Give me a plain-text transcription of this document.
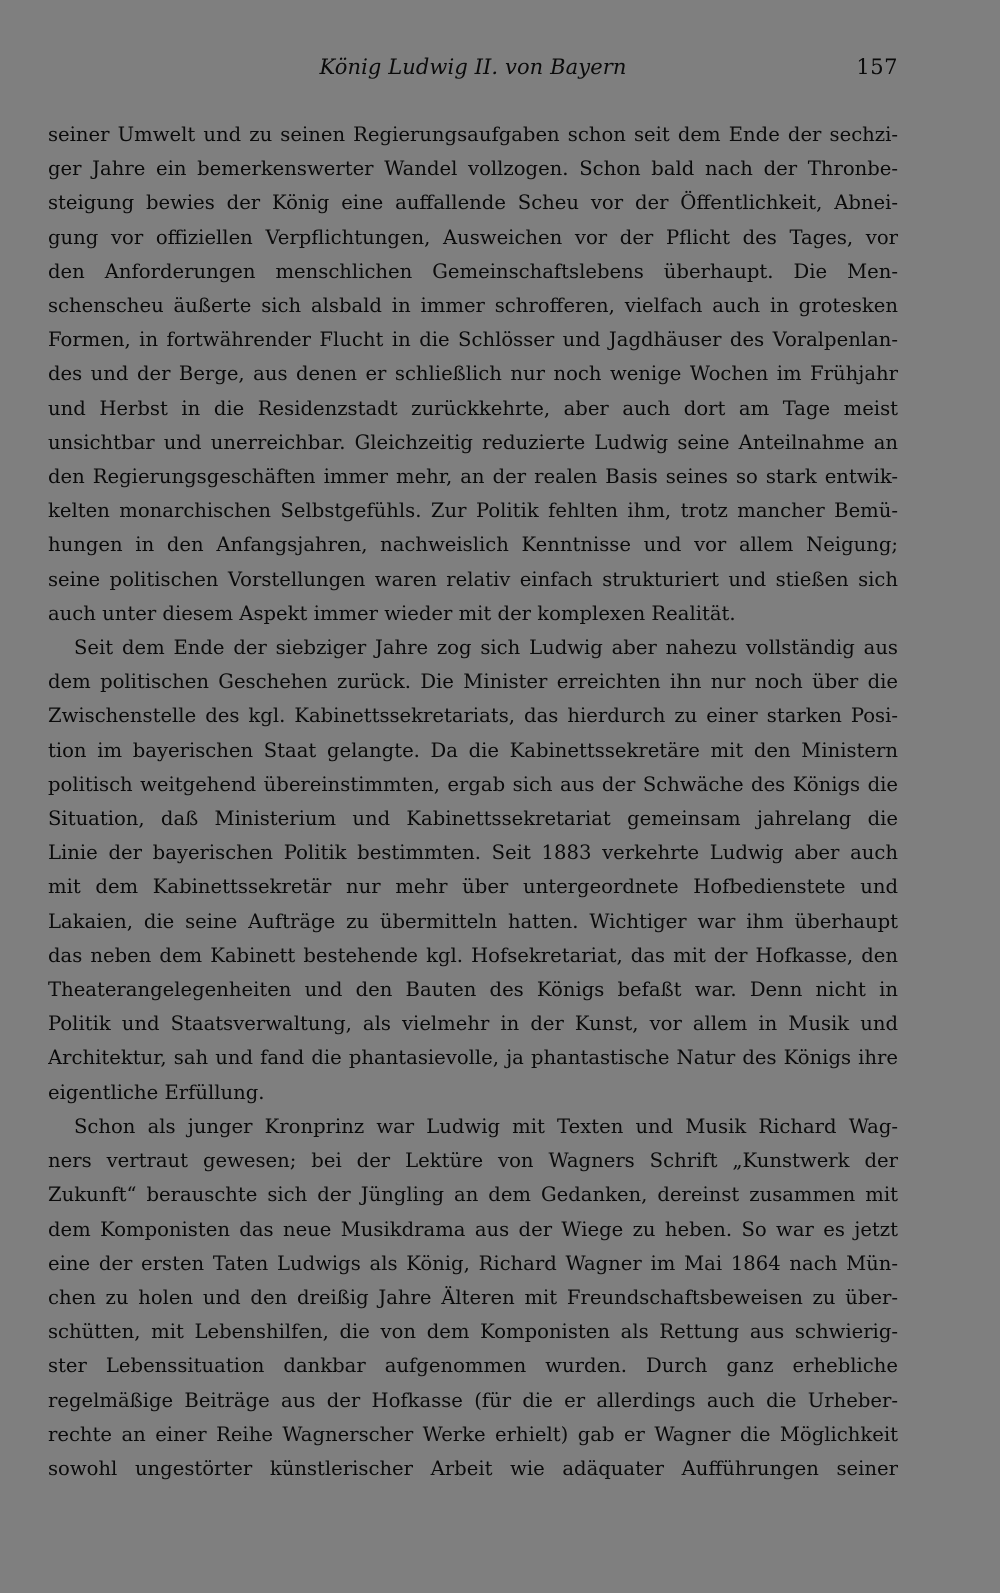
König Ludwig II. von Bayern	157
seiner Umwelt und zu seinen Regierungsaufgaben schon seit dem Ende der sechzi-
ger Jahre ein bemerkenswerter Wandel vollzogen. Schon bald nach der Thronbe-
steigung bewies der König eine auffallende Scheu vor der Öffentlichkeit, Abnei-
gung vor offiziellen Verpflichtungen, Ausweichen vor der Pflicht des Tages, vor
den Anforderungen menschlichen Gemeinschaftslebens überhaupt. Die Men-
schenscheu äußerte sich alsbald in immer schrofferen, vielfach auch in grotesken
Formen, in fortwährender Flucht in die Schlösser und Jagdhäuser des Voralpenlan-
des und der Berge, aus denen er schließlich nur noch wenige Wochen im Frühjahr
und Herbst in die Residenzstadt zurückkehrte, aber auch dort am Tage meist
unsichtbar und unerreichbar. Gleichzeitig reduzierte Ludwig seine Anteilnahme an
den Regierungsgeschäften immer mehr, an der realen Basis seines so stark entwik-
kelten monarchischen Selbstgefühls. Zur Politik fehlten ihm, trotz mancher Bemü-
hungen in den Anfangsjahren, nachweislich Kenntnisse und vor allem Neigung;
seine politischen Vorstellungen waren relativ einfach strukturiert und stießen sich
auch unter diesem Aspekt immer wieder mit der komplexen Realität.
Seit dem Ende der siebziger Jahre zog sich Ludwig aber nahezu vollständig aus
dem politischen Geschehen zurück. Die Minister erreichten ihn nur noch über die
Zwischenstelle des kgl. Kabinettssekretariats, das hierdurch zu einer starken Posi-
tion im bayerischen Staat gelangte. Da die Kabinettssekretäre mit den Ministern
politisch weitgehend übereinstimmten, ergab sich aus der Schwäche des Königs die
Situation, daß Ministerium und Kabinettssekretariat gemeinsam jahrelang die
Linie der bayerischen Politik bestimmten. Seit 1883 verkehrte Ludwig aber auch
mit dem Kabinettssekretär nur mehr über untergeordnete Hofbedienstete und
Lakaien, die seine Aufträge zu übermitteln hatten. Wichtiger war ihm überhaupt
das neben dem Kabinett bestehende kgl. Hofsekretariat, das mit der Hofkasse, den
Theaterangelegenheiten und den Bauten des Königs befaßt war. Denn nicht in
Politik und Staatsverwaltung, als vielmehr in der Kunst, vor allem in Musik und
Architektur, sah und fand die phantasievolle, ja phantastische Natur des Königs ihre
eigentliche Erfüllung.
Schon als junger Kronprinz war Ludwig mit Texten und Musik Richard Wag-
ners vertraut gewesen; bei der Lektüre von Wagners Schrift „Kunstwerk der
Zukunft“ berauschte sich der Jüngling an dem Gedanken, dereinst zusammen mit
dem Komponisten das neue Musikdrama aus der Wiege zu heben. So war es jetzt
eine der ersten Taten Ludwigs als König, Richard Wagner im Mai 1864 nach Mün-
chen zu holen und den dreißig Jahre Älteren mit Freundschaftsbeweisen zu über-
schütten, mit Lebenshilfen, die von dem Komponisten als Rettung aus schwierig-
ster Lebenssituation dankbar aufgenommen wurden. Durch ganz erhebliche
regelmäßige Beiträge aus der Hofkasse (für die er allerdings auch die Urheber-
rechte an einer Reihe Wagnerscher Werke erhielt) gab er Wagner die Möglichkeit
sowohl ungestörter künstlerischer Arbeit wie adäquater Aufführungen seiner
